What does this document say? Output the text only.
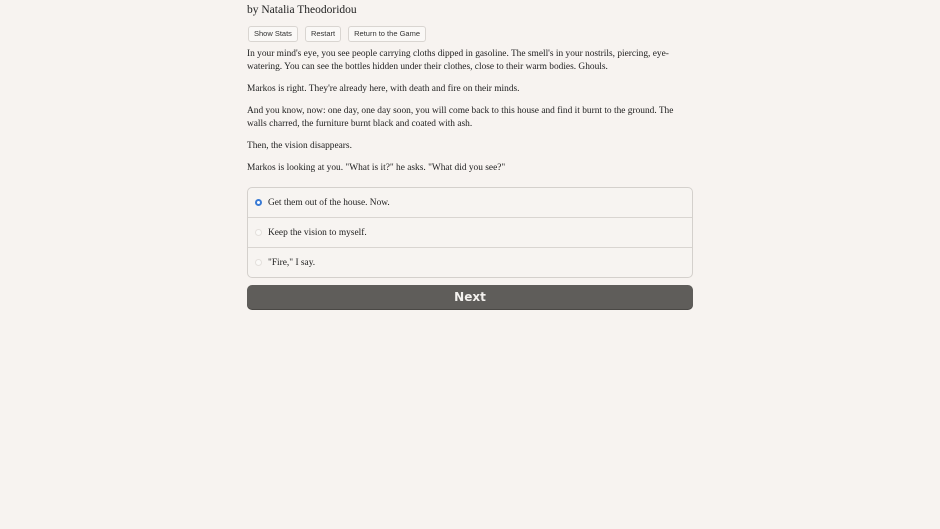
by Natalia Theodoridou
Show Stats	Restart	Return to the Game

In your mind's eye, you see people carrying cloths dipped in gasoline. The smell's in your nostrils, piercing, eye-watering. You can see the bottles hidden under their clothes, close to their warm bodies. Ghouls.

Markos is right. They're already here, with death and fire on their minds.

And you know, now: one day, one day soon, you will come back to this house and find it burnt to the ground. The walls charred, the furniture burnt black and coated with ash.

Then, the vision disappears.

Markos is looking at you. "What is it?" he asks. "What did you see?"

Get them out of the house. Now.
Keep the vision to myself.
"Fire," I say.
Next
